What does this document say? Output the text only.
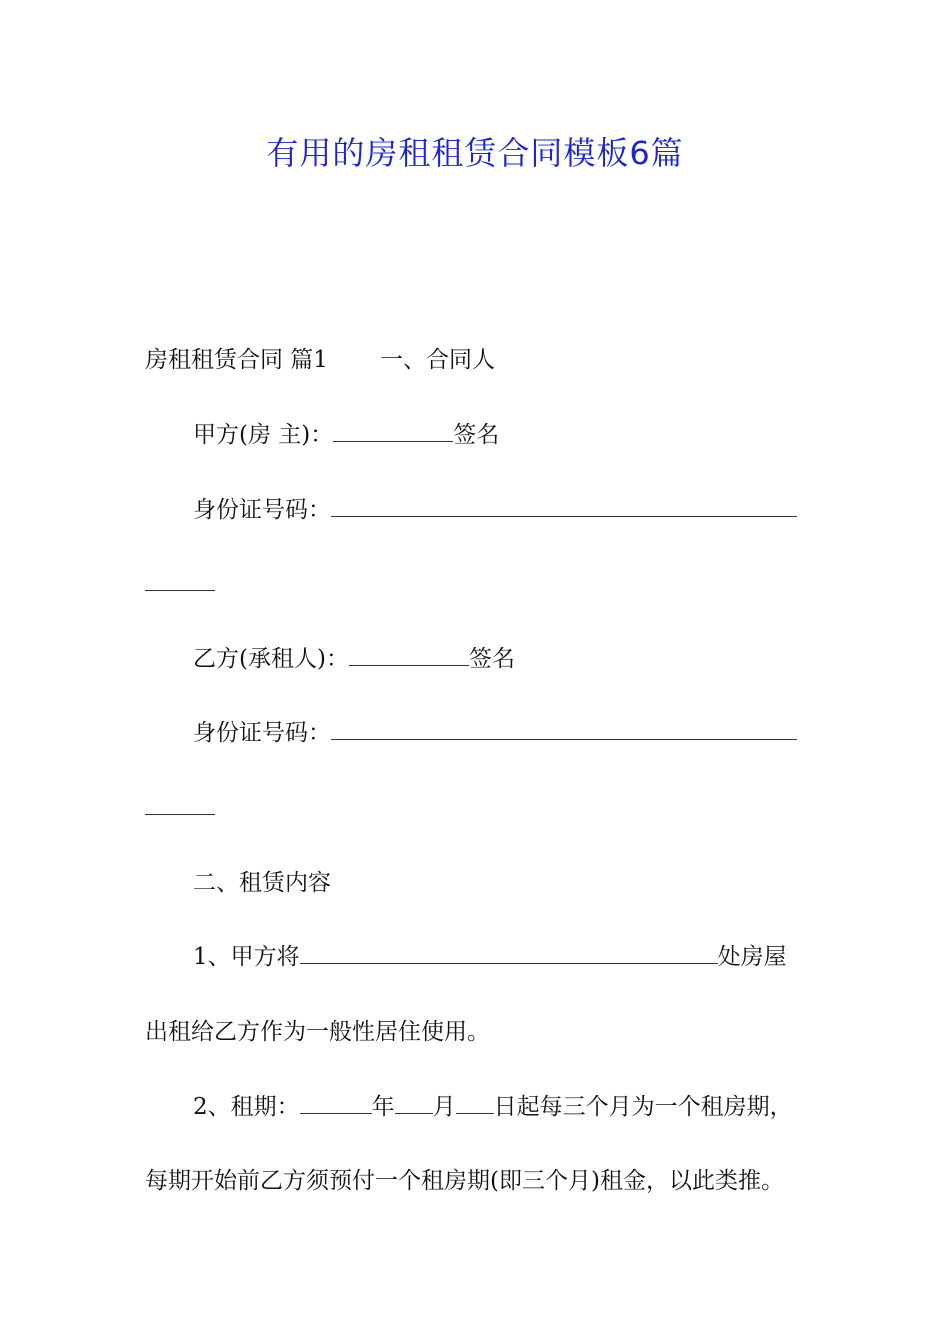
有用的房租租赁合同模板6篇
房租租赁合同 篇1 一、合同人
甲方(房 主)：	签名
身份证号码：
乙方(承租人)：	签名
身份证号码：
二、租赁内容
1、甲方将	处房屋
出租给乙方作为一般性居住使用。
2、租期：	年 月 日起每三个月为一个租房期，
每期开始前乙方须预付一个租房期(即三个月)租金，以此类推。
